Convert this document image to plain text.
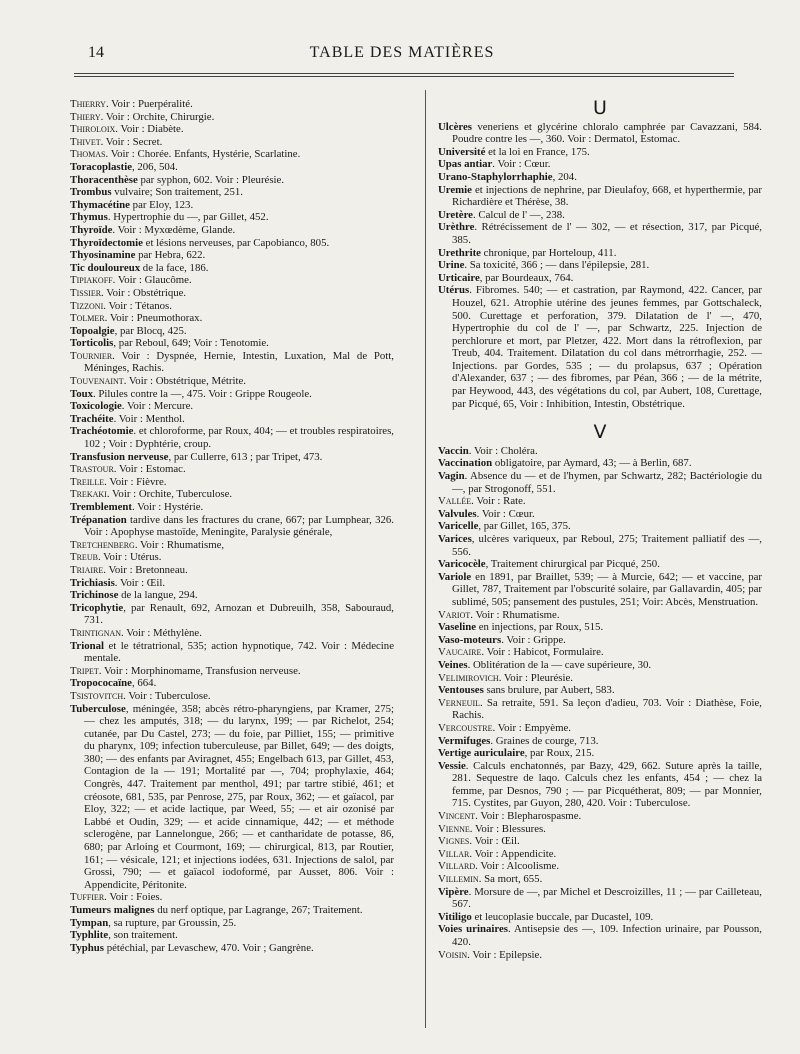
14	TABLE DES MATIÈRES

Thierry. Voir : Puerpéralité.

Thiery. Voir : Orchite, Chirurgie.

Thiroloix. Voir : Diabète.

Thivet. Voir : Secret.

Thomas. Voir : Chorée. Enfants, Hystérie, Scarlatine.

Toracoplastie, 206, 504.

Thoracenthèse par syphon, 602. Voir : Pleurésie.

Trombus vulvaire; Son traitement, 251.

Thymacétine par Eloy, 123.

Thymus. Hypertrophie du —, par Gillet, 452.

Thyroïde. Voir : Myxœdème, Glande.

Thyroïdectomie et lésions nerveuses, par Capobianco, 805.

Thyosinamine par Hebra, 622.

Tic douloureux de la face, 186.

Tipiakoff. Voir : Glaucôme.

Tissier. Voir : Obstétrique.

Tizzoni. Voir : Tétanos.

Tolmer. Voir : Pneumothorax.

Topoalgie, par Blocq, 425.

Torticolis, par Reboul, 649; Voir : Tenotomie.

Tournier. Voir : Dyspnée, Hernie, Intestin, Luxation, Mal de Pott, Méninges, Rachis.

Touvenaint. Voir : Obstétrique, Métrite.

Toux. Pilules contre la —, 475. Voir : Grippe Rougeole.

Toxicologie. Voir : Mercure.

Trachéite. Voir : Menthol.

Trachéotomie. et chloroforme, par Roux, 404; — et troubles respiratoires, 102 ; Voir : Dyphtérie, croup.

Transfusion nerveuse, par Cullerre, 613 ; par Tripet, 473.

Trastour. Voir : Estomac.

Treille. Voir : Fièvre.

Trekaki. Voir : Orchite, Tuberculose.

Tremblement. Voir : Hystérie.

Trépanation tardive dans les fractures du crane, 667; par Lumphear, 326. Voir : Apophyse mastoïde, Meningite, Paralysie générale,

Tretchenberg. Voir : Rhumatisme,

Treub. Voir : Utérus.

Triaire. Voir : Bretonneau.

Trichiasis. Voir : Œil.

Trichinose de la langue, 294.

Tricophytie, par Renault, 692, Arnozan et Dubreuilh, 358, Sabouraud, 731.

Trintignan. Voir : Méthylène.

Trional et le tétratrional, 535; action hypnotique, 742. Voir : Médecine mentale.

Tripet. Voir : Morphinomame, Transfusion nerveuse.

Tropococaïne, 664.

Tsistovitch. Voir : Tuberculose.

Tuberculose, méningée, 358; abcès rétro-pharyngiens, par Kramer, 275; — chez les amputés, 318; — du larynx, 199; — par Richelot, 254; cutanée, par Du Castel, 273; — du foie, par Pilliet, 155; — primitive du pharynx, 109; infection tuberculeuse, par Billet, 649; — des doigts, 380; — des enfants par Aviragnet, 455; Engelbach 613, par Gillet, 453, Contagion de la — 191; Mortalité par —, 704; prophylaxie, 464; Congrès, 447. Traitement par menthol, 491; par tartre stibié, 461; et créosote, 681, 535, par Penrose, 275, par Roux, 362; — et gaïacol, par Eloy, 322; — et acide lactique, par Weed, 55; — et air ozonisé par Labbé et Oudin, 329; — et acide cinnamique, 442; — et méthode sclerogène, par Lannelongue, 266; — et cantharidate de potasse, 86, 680; par Arloing et Courmont, 169; — chirurgical, 813, par Routier, 161; — vésicale, 121; et injections iodées, 631. Injections de salol, par Grossi, 790; — et gaïacol iodoformé, par Ausset, 806. Voir : Appendicite, Péritonite.

Tuffier. Voir : Foies.

Tumeurs malignes du nerf optique, par Lagrange, 267; Traitement.

Tympan, sa rupture, par Groussin, 25.

Typhlite, son traitement.

Typhus pétéchial, par Levaschew, 470. Voir ; Gangrène.

U

Ulcères veneriens et glycérine chloralo camphrée par Cavazzani, 584. Poudre contre les —, 360. Voir : Dermatol, Estomac.

Université et la loi en France, 175.

Upas antiar. Voir : Cœur.

Urano-Staphylorrhaphie, 204.

Uremie et injections de nephrine, par Dieulafoy, 668, et hyperthermie, par Richardière et Thérèse, 38.

Uretère. Calcul de l' —, 238.

Urèthre. Rétrécissement de l' — 302, — et résection, 317, par Picqué, 385.

Urethrite chronique, par Horteloup, 411.

Urine. Sa toxicité, 366 ; — dans l'épilepsie, 281.

Urticaire, par Bourdeaux, 764.

Utérus. Fibromes. 540; — et castration, par Raymond, 422. Cancer, par Houzel, 621. Atrophie utérine des jeunes femmes, par Gottschaleck, 500. Curettage et perforation, 379. Dilatation de l' —, 470, Hypertrophie du col de l' —, par Schwartz, 225. Injection de perchlorure et mort, par Pletzer, 422. Mort dans la rétroflexion, par Treub, 404. Traitement. Dilatation du col dans métrorrhagie, 252. — Injections. par Gordes, 535 ; — du prolapsus, 637 ; Opération d'Alexander, 637 ; — des fibromes, par Péan, 366 ; — de la métrite, par Heywood, 443, des végétations du col, par Aubert, 108, Curettage, par Picqué, 65, Voir : Inhibition, Intestin, Obstétrique.

V

Vaccin. Voir : Choléra.

Vaccination obligatoire, par Aymard, 43; — à Berlin, 687.

Vagin. Absence du — et de l'hymen, par Schwartz, 282; Bactériologie du —, par Strogonoff, 551.

Vallée. Voir : Rate.

Valvules. Voir : Cœur.

Varicelle, par Gillet, 165, 375.

Varices, ulcères variqueux, par Reboul, 275; Traitement palliatif des —, 556.

Varicocèle, Traitement chirurgical par Picqué, 250.

Variole en 1891, par Braillet, 539; — à Murcie, 642; — et vaccine, par Gillet, 787, Traitement par l'obscurité solaire, par Gallavardin, 405; par sublimé, 505; pansement des pustules, 251; Voir: Abcès, Menstruation.

Variot. Voir : Rhumatisme.

Vaseline en injections, par Roux, 515.

Vaso-moteurs. Voir : Grippe.

Vaucaire. Voir : Habicot, Formulaire.

Veines. Oblitération de la — cave supérieure, 30.

Velimirovich. Voir : Pleurésie.

Ventouses sans brulure, par Aubert, 583.

Verneuil. Sa retraite, 591. Sa leçon d'adieu, 703. Voir : Diathèse, Foie, Rachis.

Vercoustre. Voir : Empyème.

Vermifuges. Graines de courge, 713.

Vertige auriculaire, par Roux, 215.

Vessie. Calculs enchatonnés, par Bazy, 429, 662. Suture après la taille, 281. Sequestre de laqo. Calculs chez les enfants, 454 ; — chez la femme, par Desnos, 790 ; — par Picquétherat, 809; — par Monnier, 715. Cystites, par Guyon, 280, 420. Voir : Tuberculose.

Vincent. Voir : Blepharospasme.

Vienne. Voir : Blessures.

Vignes. Voir : Œil.

Villar. Voir : Appendicite.

Villard. Voir : Alcoolisme.

Villemin. Sa mort, 655.

Vipère. Morsure de —, par Michel et Descroizilles, 11 ; — par Cailleteau, 567.

Vitiligo et leucoplasie buccale, par Ducastel, 109.

Voies urinaires. Antisepsie des —, 109. Infection urinaire, par Pousson, 420.

Voisin. Voir : Epilepsie.
